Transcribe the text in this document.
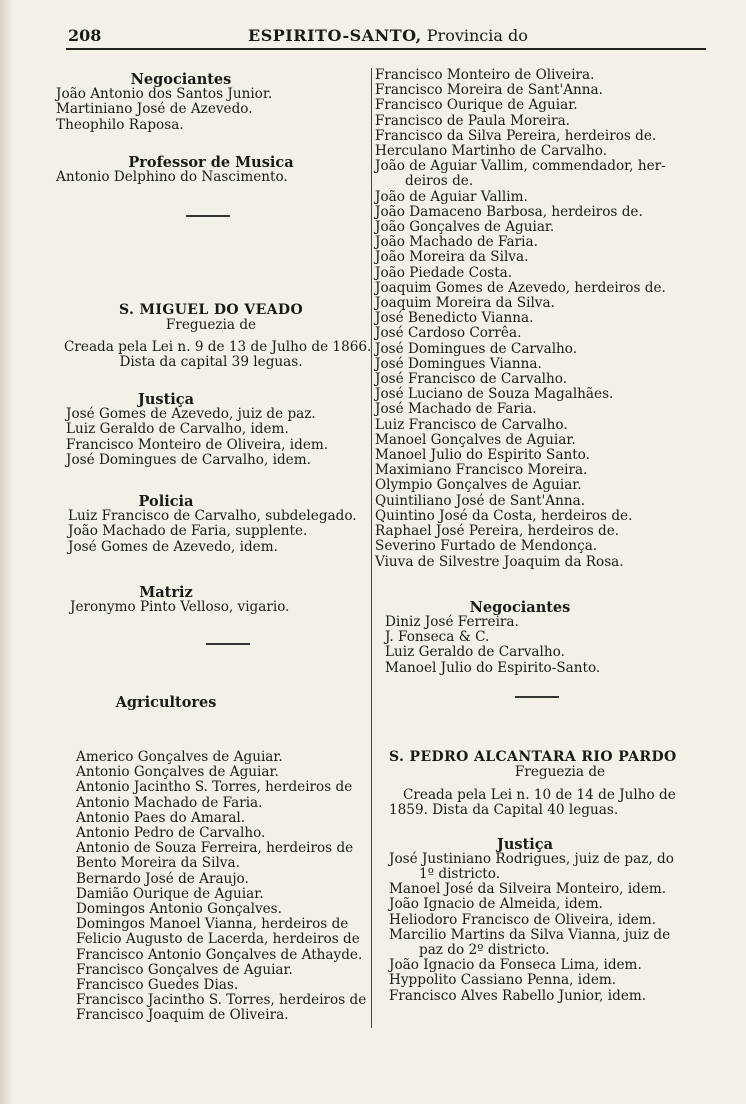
208	ESPIRITO-SANTO, Provincia do
Negociantes
João Antonio dos Santos Junior.
Martiniano José de Azevedo.
Theophilo Raposa.
Professor de Musica
Antonio Delphino do Nascimento.
S. MIGUEL DO VEADO
Freguezia de
Creada pela Lei n. 9 de 13 de Julho de 1866.
Dista da capital 39 leguas.
Justiça
José Gomes de Azevedo, juiz de paz.
Luiz Geraldo de Carvalho, idem.
Francisco Monteiro de Oliveira, idem.
José Domingues de Carvalho, idem.
Policia
Luiz Francisco de Carvalho, subdelegado.
João Machado de Faria, supplente.
José Gomes de Azevedo, idem.
Matriz
Jeronymo Pinto Velloso, vigario.
Agricultores
Americo Gonçalves de Aguiar.
Antonio Gonçalves de Aguiar.
Antonio Jacintho S. Torres, herdeiros de
Antonio Machado de Faria.
Antonio Paes do Amaral.
Antonio Pedro de Carvalho.
Antonio de Souza Ferreira, herdeiros de
Bento Moreira da Silva.
Bernardo José de Araujo.
Damião Ourique de Aguiar.
Domingos Antonio Gonçalves.
Domingos Manoel Vianna, herdeiros de
Felicio Augusto de Lacerda, herdeiros de
Francisco Antonio Gonçalves de Athayde.
Francisco Gonçalves de Aguiar.
Francisco Guedes Dias.
Francisco Jacintho S. Torres, herdeiros de
Francisco Joaquim de Oliveira.
Francisco Monteiro de Oliveira.
Francisco Moreira de Sant'Anna.
Francisco Ourique de Aguiar.
Francisco de Paula Moreira.
Francisco da Silva Pereira, herdeiros de.
Herculano Martinho de Carvalho.
João de Aguiar Vallim, commendador, her-
deiros de.
João de Aguiar Vallim.
João Damaceno Barbosa, herdeiros de.
João Gonçalves de Aguiar.
João Machado de Faria.
João Moreira da Silva.
João Piedade Costa.
Joaquim Gomes de Azevedo, herdeiros de.
Joaquim Moreira da Silva.
José Benedicto Vianna.
José Cardoso Corrêa.
José Domingues de Carvalho.
José Domingues Vianna.
José Francisco de Carvalho.
José Luciano de Souza Magalhães.
José Machado de Faria.
Luiz Francisco de Carvalho.
Manoel Gonçalves de Aguiar.
Manoel Julio do Espirito Santo.
Maximiano Francisco Moreira.
Olympio Gonçalves de Aguiar.
Quintiliano José de Sant'Anna.
Quintino José da Costa, herdeiros de.
Raphael José Pereira, herdeiros de.
Severino Furtado de Mendonça.
Viuva de Silvestre Joaquim da Rosa.
Negociantes
Diniz José Ferreira.
J. Fonseca & C.
Luiz Geraldo de Carvalho.
Manoel Julio do Espirito-Santo.
S. PEDRO ALCANTARA RIO PARDO
Freguezia de
Creada pela Lei n. 10 de 14 de Julho de
1859. Dista da Capital 40 leguas.
Justiça
José Justiniano Rodrigues, juiz de paz, do
1º districto.
Manoel José da Silveira Monteiro, idem.
João Ignacio de Almeida, idem.
Heliodoro Francisco de Oliveira, idem.
Marcilio Martins da Silva Vianna, juiz de
paz do 2º districto.
João Ignacio da Fonseca Lima, idem.
Hyppolito Cassiano Penna, idem.
Francisco Alves Rabello Junior, idem.
